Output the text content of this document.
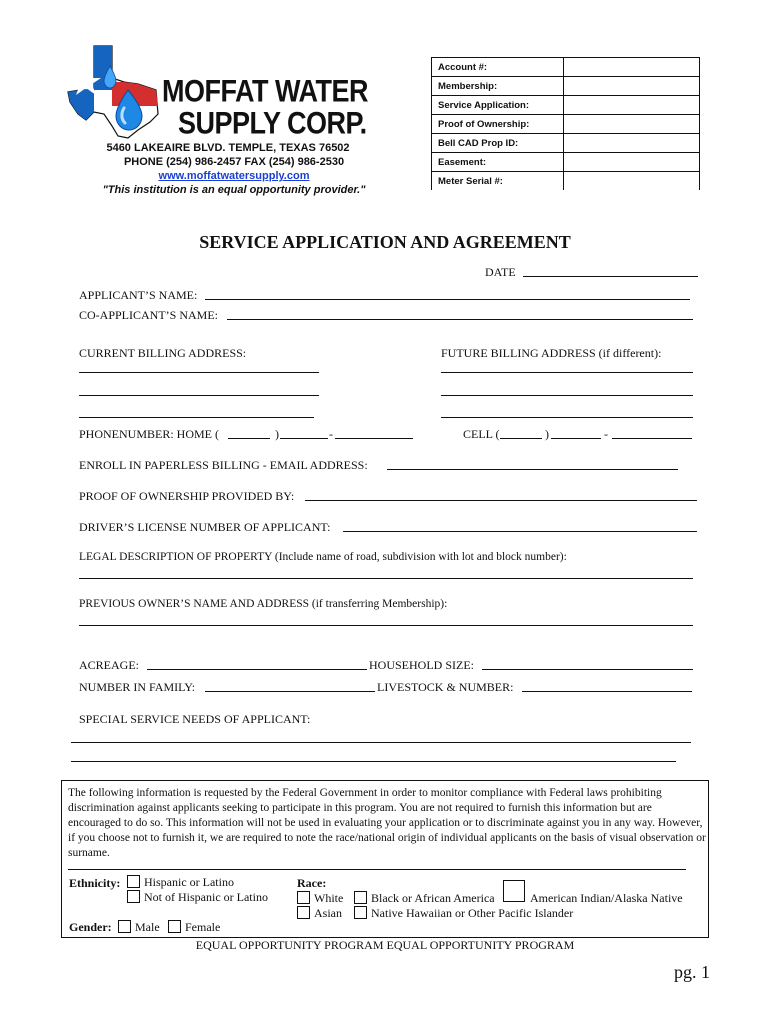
MOFFAT WATER
SUPPLY CORP.
5460 LAKEAIRE BLVD. TEMPLE, TEXAS 76502
PHONE (254) 986-2457 FAX (254) 986-2530
www.moffatwatersupply.com
"This institution is an equal opportunity provider."
Account #:	
Membership:	
Service Application:	
Proof of Ownership:	
Bell CAD Prop ID:	
Easement:	
Meter Serial #:	
SERVICE APPLICATION AND AGREEMENT
DATE
APPLICANT’S NAME:
CO-APPLICANT’S NAME:
CURRENT BILLING ADDRESS:	FUTURE BILLING ADDRESS (if different):
PHONENUMBER: HOME (	)	-	CELL (	)	-
ENROLL IN PAPERLESS BILLING - EMAIL ADDRESS:
PROOF OF OWNERSHIP PROVIDED BY:
DRIVER’S LICENSE NUMBER OF APPLICANT:
LEGAL DESCRIPTION OF PROPERTY (Include name of road, subdivision with lot and block number):
PREVIOUS OWNER’S NAME AND ADDRESS (if transferring Membership):
ACREAGE:	HOUSEHOLD SIZE:
NUMBER IN FAMILY:	LIVESTOCK & NUMBER:
SPECIAL SERVICE NEEDS OF APPLICANT:
The following information is requested by the Federal Government in order to monitor compliance with Federal laws prohibiting discrimination against applicants seeking to participate in this program. You are not required to furnish this information but are encouraged to do so. This information will not be used in evaluating your application or to discriminate against you in any way. However, if you choose not to furnish it, we are required to note the race/national origin of individual applicants on the basis of visual observation or surname.
Ethnicity:	Hispanic or Latino
Not of Hispanic or Latino
Race:
White	Black or African America	American Indian/Alaska Native
Asian	Native Hawaiian or Other Pacific Islander
Gender:	Male	Female
EQUAL OPPORTUNITY PROGRAM EQUAL OPPORTUNITY PROGRAM
pg. 1
